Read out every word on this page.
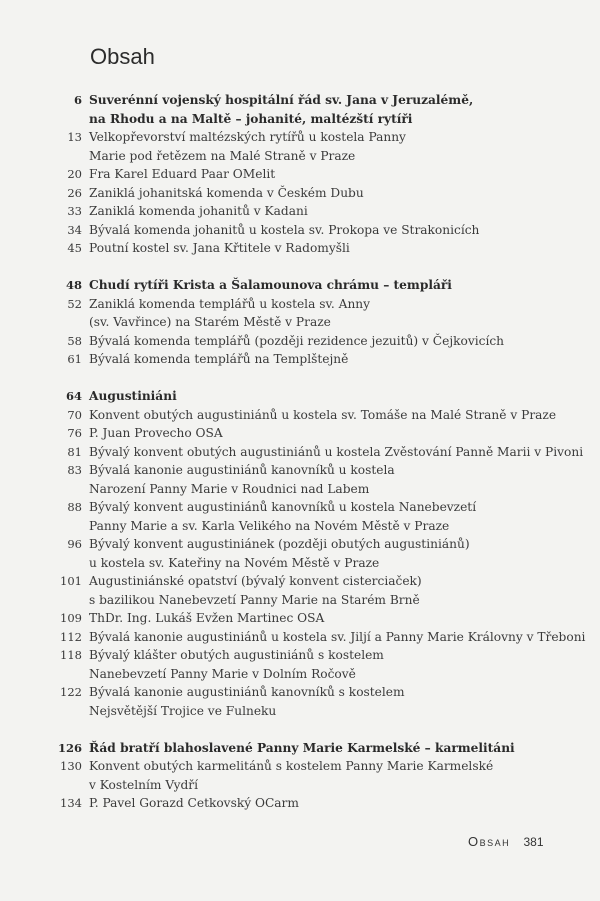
Obsah
6 Suverénní vojenský hospitální řád sv. Jana v Jeruzalémě,
na Rhodu a na Maltě – johanité, maltézští rytíři
13 Velkopřevorství maltézských rytířů u kostela Panny
Marie pod řetězem na Malé Straně v Praze
20 Fra Karel Eduard Paar OMelit
26 Zaniklá johanitská komenda v Českém Dubu
33 Zaniklá komenda johanitů v Kadani
34 Bývalá komenda johanitů u kostela sv. Prokopa ve Strakonicích
45 Poutní kostel sv. Jana Křtitele v Radomyšli
48 Chudí rytíři Krista a Šalamounova chrámu – templáři
52 Zaniklá komenda templářů u kostela sv. Anny
(sv. Vavřince) na Starém Městě v Praze
58 Bývalá komenda templářů (později rezidence jezuitů) v Čejkovicích
61 Bývalá komenda templářů na Templštejně
64 Augustiniáni
70 Konvent obutých augustiniánů u kostela sv. Tomáše na Malé Straně v Praze
76 P. Juan Provecho OSA
81 Bývalý konvent obutých augustiniánů u kostela Zvěstování Panně Marii v Pivoni
83 Bývalá kanonie augustiniánů kanovníků u kostela
Narození Panny Marie v Roudnici nad Labem
88 Bývalý konvent augustiniánů kanovníků u kostela Nanebevzetí
Panny Marie a sv. Karla Velikého na Novém Městě v Praze
96 Bývalý konvent augustiniánek (později obutých augustiniánů)
u kostela sv. Kateřiny na Novém Městě v Praze
101 Augustiniánské opatství (bývalý konvent cisterciaček)
s bazilikou Nanebevzetí Panny Marie na Starém Brně
109 ThDr. Ing. Lukáš Evžen Martinec OSA
112 Bývalá kanonie augustiniánů u kostela sv. Jiljí a Panny Marie Královny v Třeboni
118 Bývalý klášter obutých augustiniánů s kostelem
Nanebevzetí Panny Marie v Dolním Ročově
122 Bývalá kanonie augustiniánů kanovníků s kostelem
Nejsvětější Trojice ve Fulneku
126 Řád bratří blahoslavené Panny Marie Karmelské – karmelitáni
130 Konvent obutých karmelitánů s kostelem Panny Marie Karmelské
v Kostelním Vydří
134 P. Pavel Gorazd Cetkovský OCarm
Obsah 381
